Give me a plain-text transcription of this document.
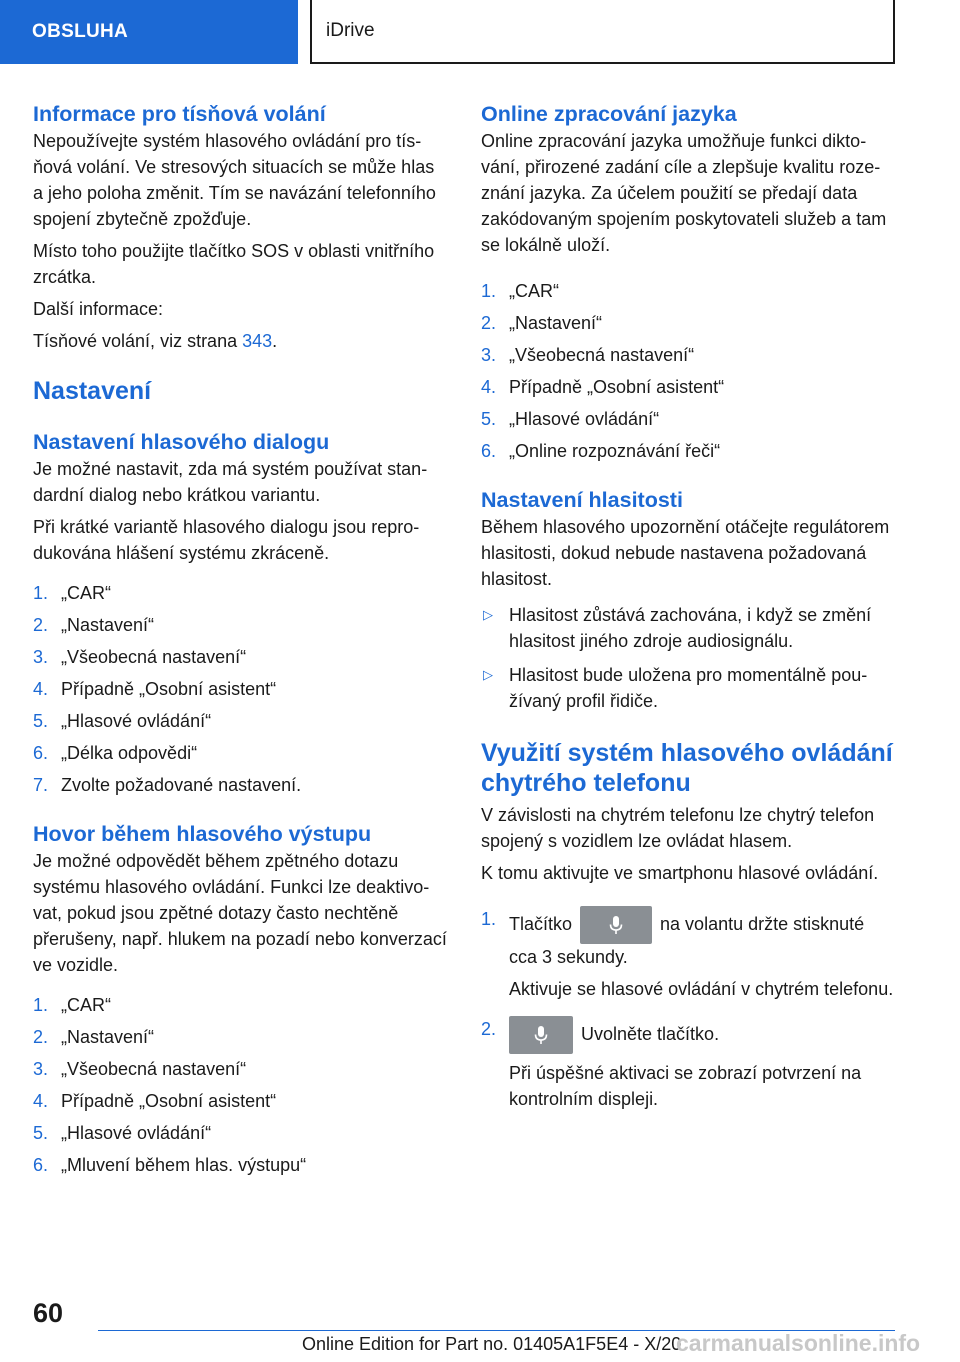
OBSLUHA	iDrive
Informace pro tísňová volání

Nepoužívejte systém hlasového ovládání pro tísňová volání. Ve stresových situacích se může hlas a jeho poloha změnit. Tím se navázání telefonního spojení zbytečně zpožďuje.

Místo toho použijte tlačítko SOS v oblasti vnitřního zrcátka.

Další informace:

Tísňové volání, viz strana 343.

Nastavení
Nastavení hlasového dialogu

Je možné nastavit, zda má systém používat standardní dialog nebo krátkou variantu.

Při krátké variantě hlasového dialogu jsou reprodukována hlášení systému zkráceně.

1. „CAR“
2. „Nastavení“
3. „Všeobecná nastavení“
4. Případně „Osobní asistent“
5. „Hlasové ovládání“
6. „Délka odpovědi“
7. Zvolte požadované nastavení.
Hovor během hlasového výstupu

Je možné odpovědět během zpětného dotazu systému hlasového ovládání. Funkci lze deaktivovat, pokud jsou zpětné dotazy často nechtěně přerušeny, např. hlukem na pozadí nebo konverzací ve vozidle.

1. „CAR“
2. „Nastavení“
3. „Všeobecná nastavení“
4. Případně „Osobní asistent“
5. „Hlasové ovládání“
6. „Mluvení během hlas. výstupu“
Online zpracování jazyka

Online zpracování jazyka umožňuje funkci diktování, přirozené zadání cíle a zlepšuje kvalitu rozeznání jazyka. Za účelem použití se předají data zakódovaným spojením poskytovateli služeb a tam se lokálně uloží.

1. „CAR“
2. „Nastavení“
3. „Všeobecná nastavení“
4. Případně „Osobní asistent“
5. „Hlasové ovládání“
6. „Online rozpoznávání řeči“
Nastavení hlasitosti

Během hlasového upozornění otáčejte regulátorem hlasitosti, dokud nebude nastavena požadovaná hlasitost.

▷ Hlasitost zůstává zachována, i když se změní hlasitost jiného zdroje audiosignálu.
▷ Hlasitost bude uložena pro momentálně používaný profil řidiče.
Využití systém hlasového ovládání chytrého telefonu

V závislosti na chytrém telefonu lze chytrý telefon spojený s vozidlem lze ovládat hlasem.

K tomu aktivujte ve smartphonu hlasové ovládání.

1. Tlačítko	na volantu držte stisknuté cca 3 sekundy.
Aktivuje se hlasové ovládání v chytrém telefonu.
2.	Uvolněte tlačítko.
Při úspěšné aktivaci se zobrazí potvrzení na kontrolním displeji.
60
Online Edition for Part no. 01405A1F5E4 - X/20
carmanualsonline.info
